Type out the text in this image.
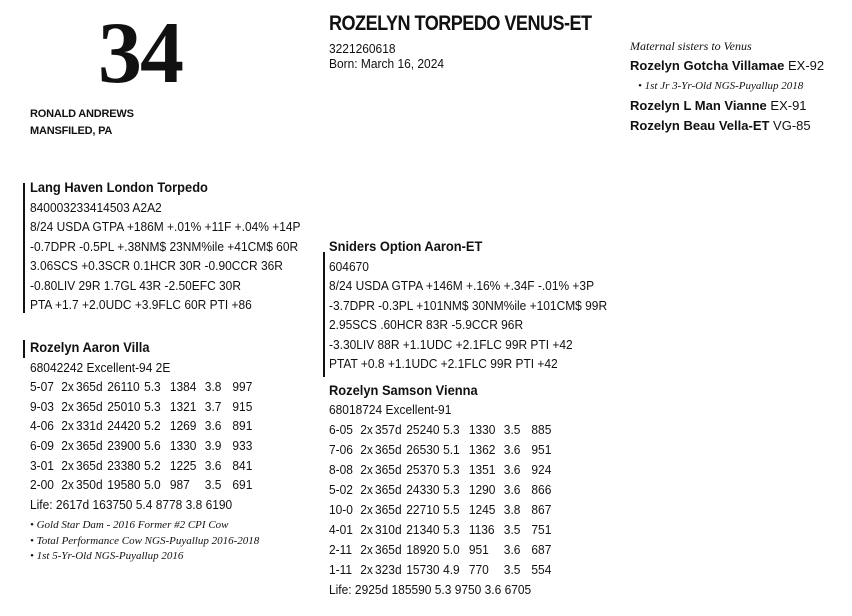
34
RONALD ANDREWS
MANSFILED, PA
ROZELYN TORPEDO VENUS-ET
3221260618
Born: March 16, 2024
Maternal sisters to Venus
Rozelyn Gotcha Villamae EX-92
• 1st Jr 3-Yr-Old NGS-Puyallup 2018
Rozelyn L Man Vianne EX-91
Rozelyn Beau Vella-ET VG-85
Lang Haven London Torpedo
840003233414503 A2A2
8/24 USDA GTPA +186M +.01% +11F +.04% +14P
-0.7DPR -0.5PL +.38NM$ 23NM%ile +41CM$ 60R
3.06SCS +0.3SCR 0.1HCR 30R -0.90CCR 36R
-0.80LIV 29R 1.7GL 43R -2.50EFC 30R
PTA +1.7 +2.0UDC +3.9FLC 60R PTI +86
Sniders Option Aaron-ET
604670
8/24 USDA GTPA +146M +.16% +.34F -.01% +3P
-3.7DPR -0.3PL +101NM$ 30NM%ile +101CM$ 99R
2.95SCS .60HCR 83R -5.9CCR 96R
-3.30LIV 88R +1.1UDC +2.1FLC 99R PTI +42
PTAT +0.8 +1.1UDC +2.1FLC 99R PTI +42
Rozelyn Aaron Villa
68042242 Excellent-94 2E
5-07 2x 365d 26110 5.3 1384 3.8 997
9-03 2x 365d 25010 5.3 1321 3.7 915
4-06 2x 331d 24420 5.2 1269 3.6 891
6-09 2x 365d 23900 5.6 1330 3.9 933
3-01 2x 365d 23380 5.2 1225 3.6 841
2-00 2x 350d 19580 5.0 987	3.5 691
Life: 2617d 163750 5.4 8778 3.8 6190
• Gold Star Dam - 2016 Former #2 CPI Cow
• Total Performance Cow NGS-Puyallup 2016-2018
• 1st 5-Yr-Old NGS-Puyallup 2016
Rozelyn Samson Vienna
68018724 Excellent-91
6-05 2x 357d 25240 5.3 1330 3.5 885
7-06 2x 365d 26530 5.1 1362 3.6 951
8-08 2x 365d 25370 5.3 1351 3.6 924
5-02 2x 365d 24330 5.3 1290 3.6 866
10-0 2x 365d 22710 5.5 1245 3.8 867
4-01 2x 310d 21340 5.3 1136 3.5 751
2-11 2x 365d 18920 5.0 951	3.6 687
1-11 2x 323d 15730 4.9 770	3.5 554
Life: 2925d 185590 5.3 9750 3.6 6705
